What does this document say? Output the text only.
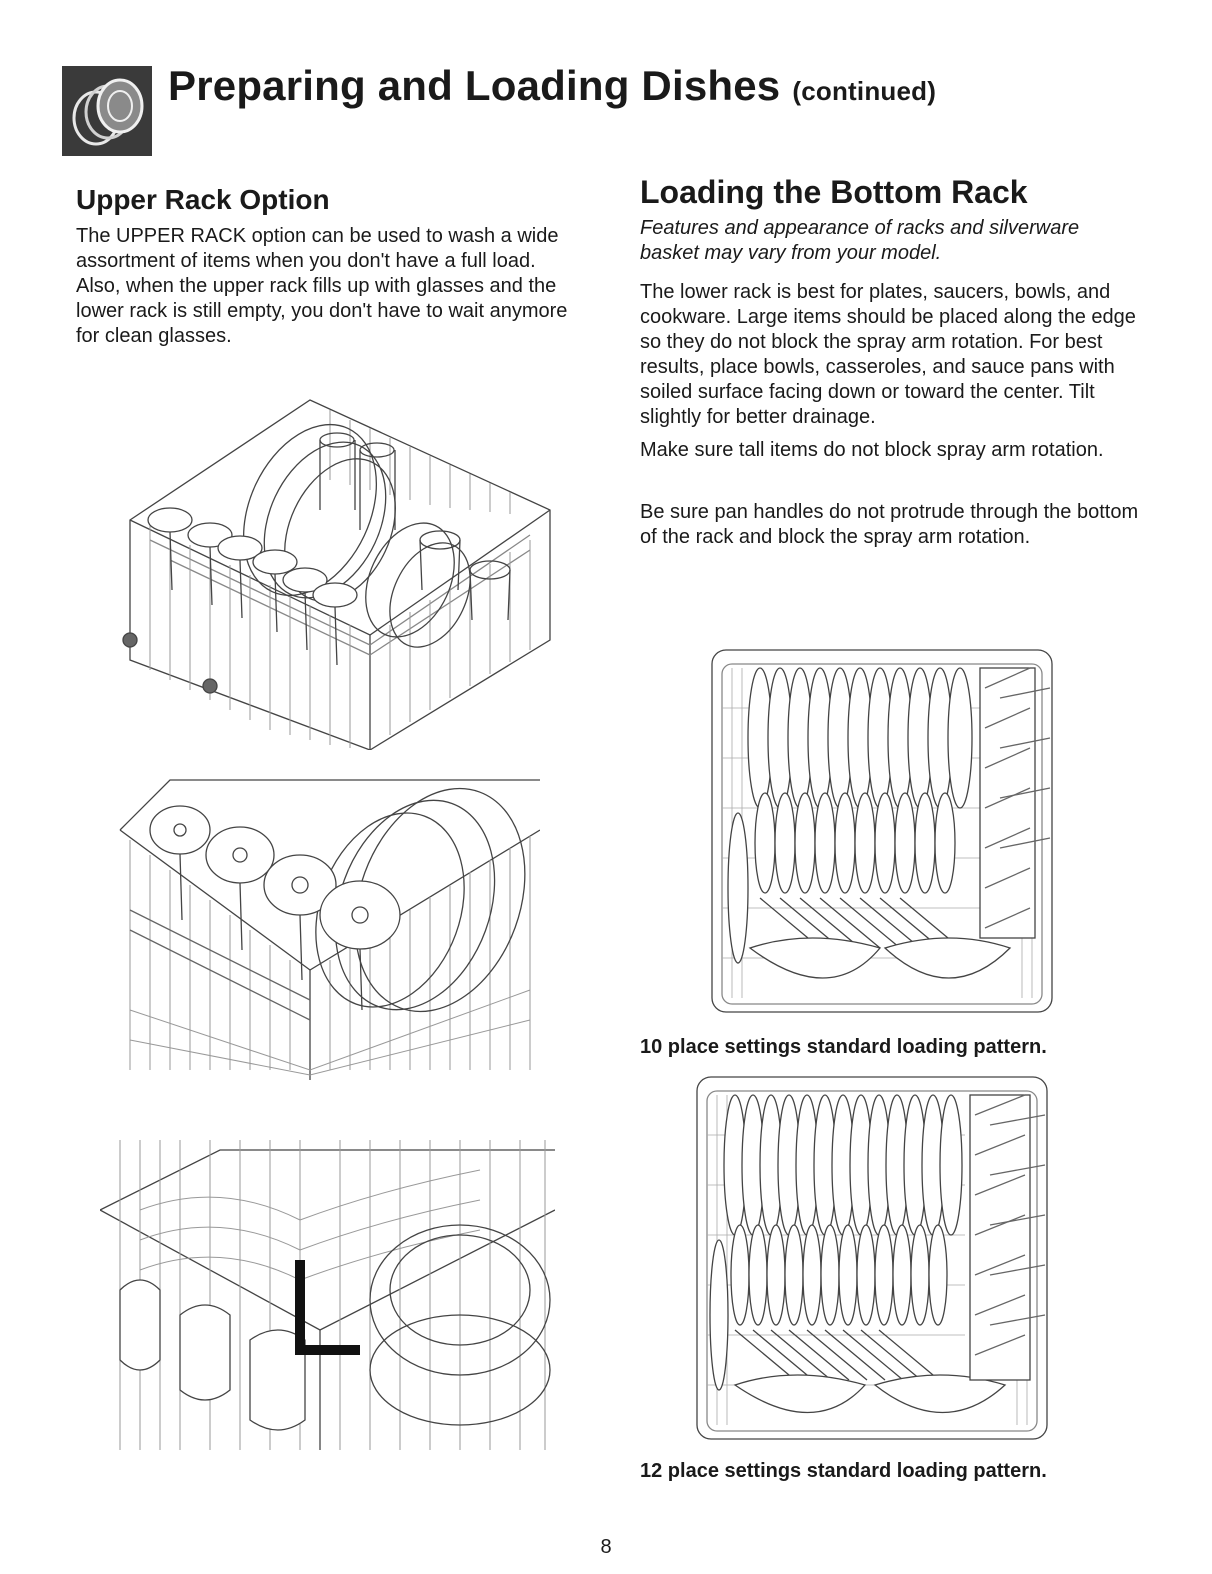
Preparing and Loading Dishes (continued)
Upper Rack Option
The UPPER RACK option can be used to wash a wide assortment of items when you don't have a full load. Also, when the upper rack fills up with glasses and the lower rack is still empty, you don't have to wait anymore for clean glasses.
Loading the Bottom Rack
Features and appearance of racks and silverware basket may vary from your model.
The lower rack is best for plates, saucers, bowls, and cookware. Large items should be placed along the edge so they do not block the spray arm rotation. For best results, place bowls, casseroles, and sauce pans with soiled surface facing down or toward the center. Tilt slightly for better drainage.
Make sure tall items do not block spray arm rotation.
Be sure pan handles do not protrude through the bottom of the rack and block the spray arm rotation.
10 place settings standard loading pattern.
12 place settings standard loading pattern.
8
